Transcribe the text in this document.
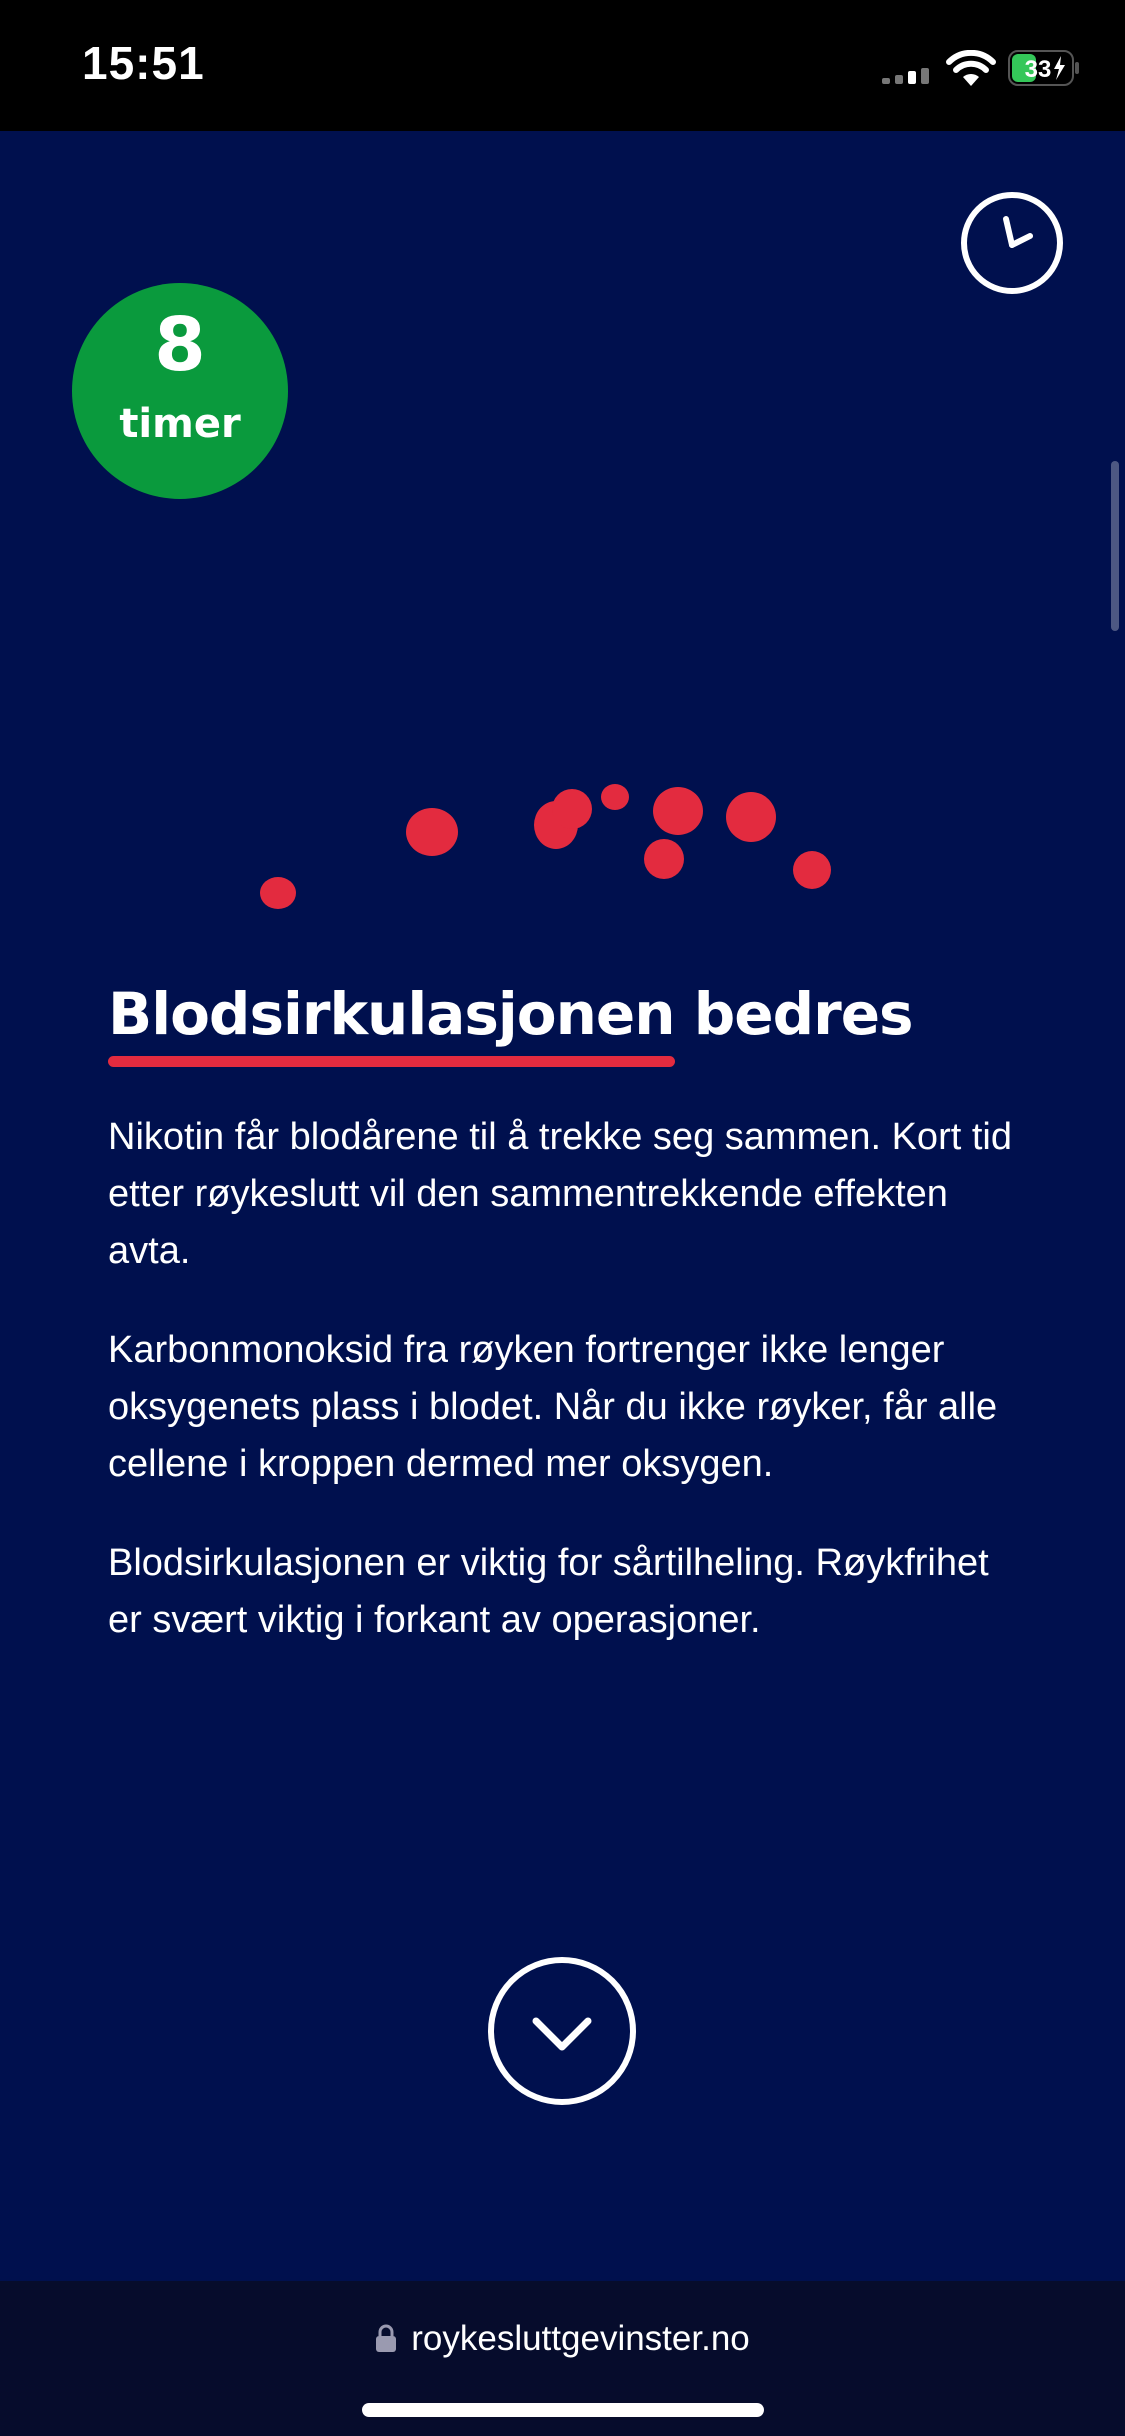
15:51	33
8
timer
Blodsirkulasjonen bedres

Nikotin får blodårene til å trekke seg sammen. Kort tid etter røykeslutt vil den sammentrekkende effekten avta.

Karbonmonoksid fra røyken fortrenger ikke lenger oksygenets plass i blodet. Når du ikke røyker, får alle cellene i kroppen dermed mer oksygen.

Blodsirkulasjonen er viktig for sårtilheling. Røykfrihet er svært viktig i forkant av operasjoner.

roykesluttgevinster.no
